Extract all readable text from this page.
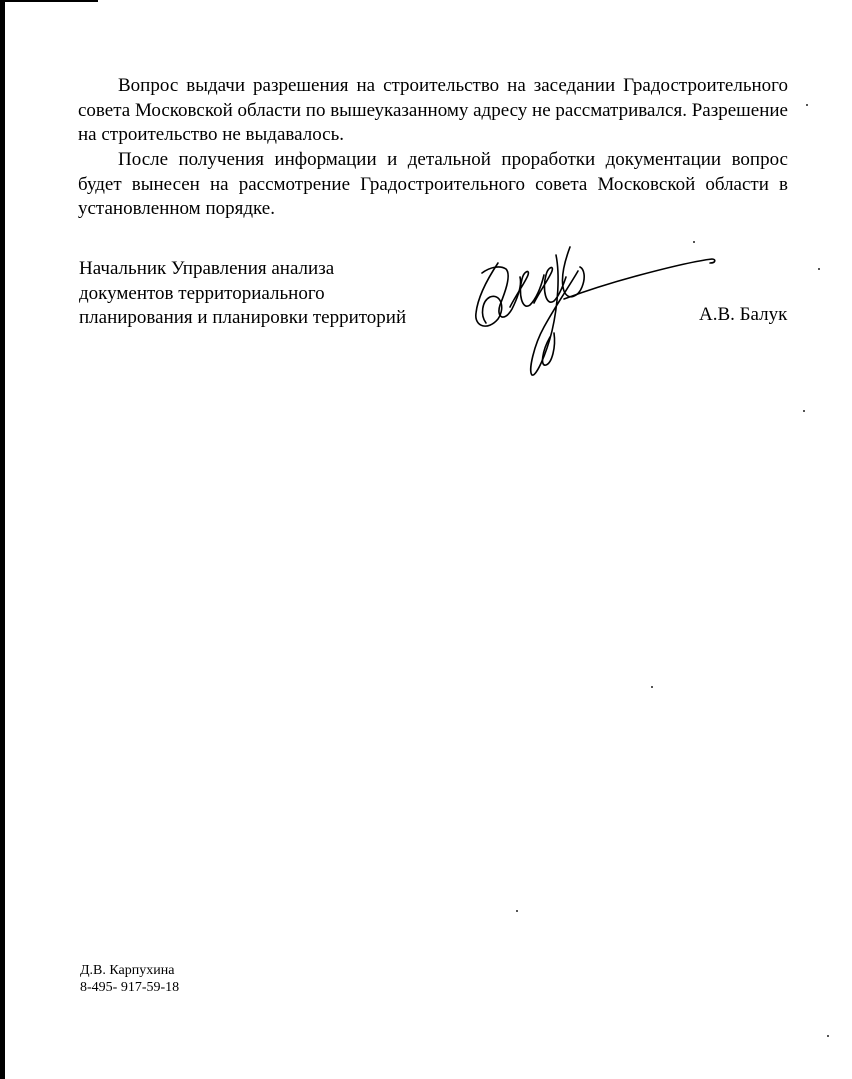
Вопрос выдачи разрешения на строительство на заседании Градостроительного совета Московской области по вышеуказанному адресу не рассматривался. Разрешение на строительство не выдавалось.

После получения информации и детальной проработки документации вопрос будет вынесен на рассмотрение Градостроительного совета Московской области в установленном порядке.

Начальник Управления анализа
документов территориального
планирования и планировки территорий	А.В. Балук
Д.В. Карпухина
8-495- 917-59-18
